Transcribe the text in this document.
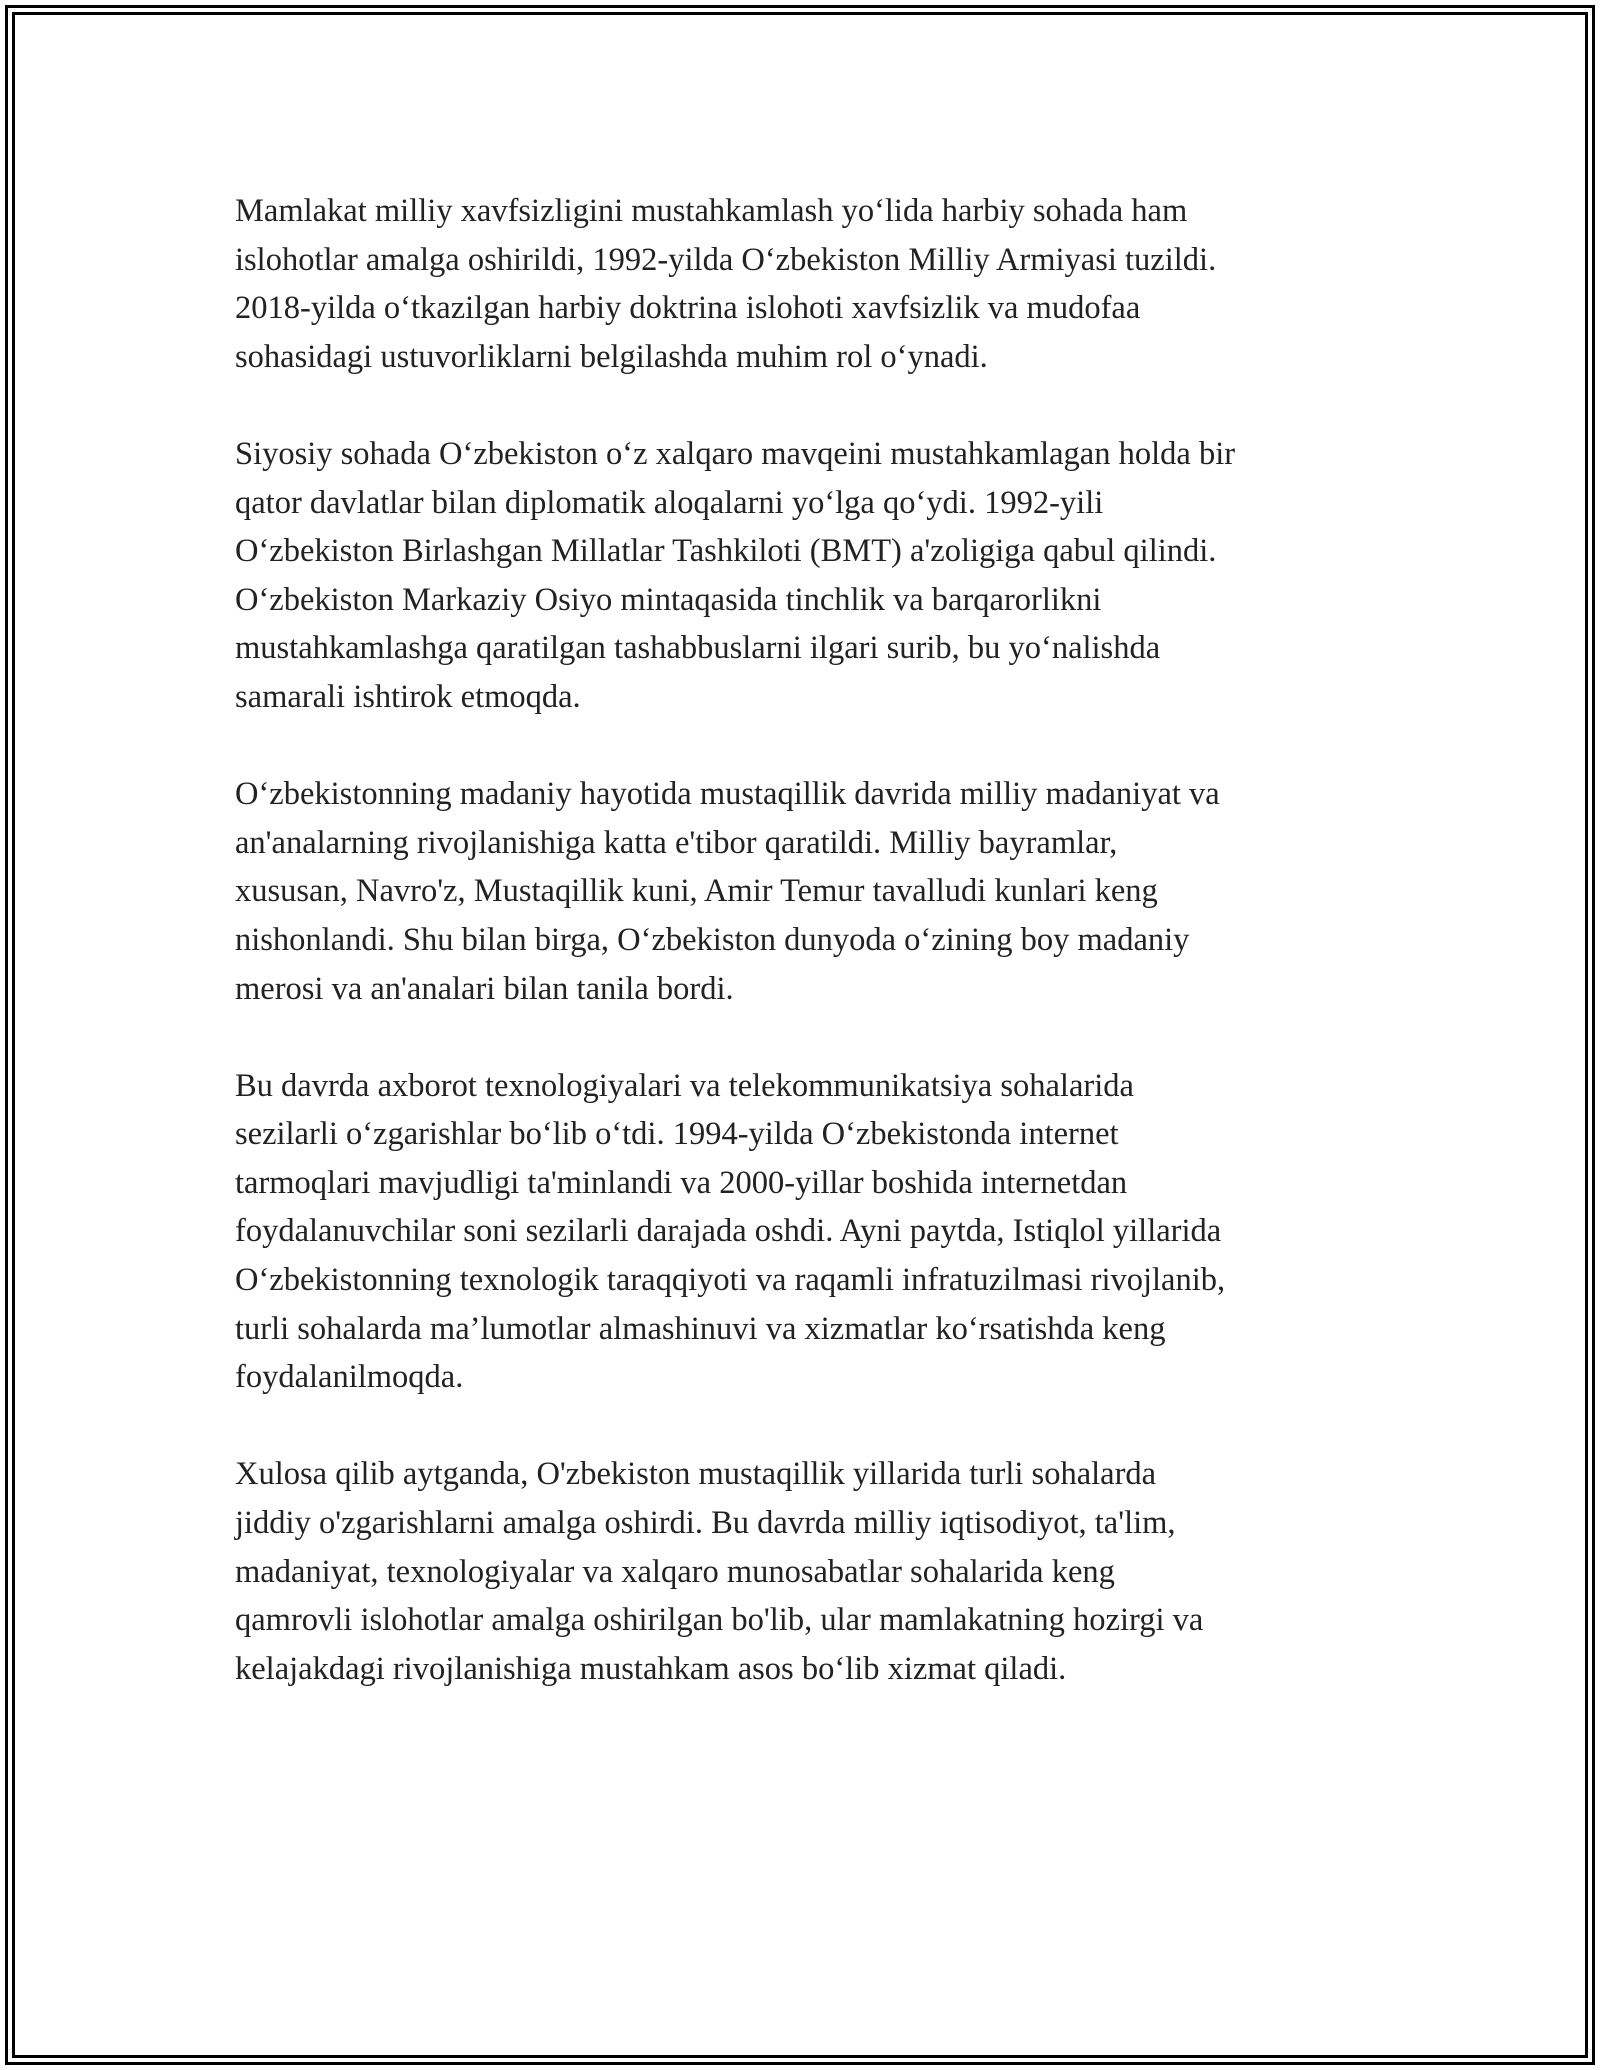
Mamlakat milliy xavfsizligini mustahkamlash yo‘lida harbiy sohada ham
islohotlar amalga oshirildi, 1992-yilda O‘zbekiston Milliy Armiyasi tuzildi.
2018-yilda o‘tkazilgan harbiy doktrina islohoti xavfsizlik va mudofaa
sohasidagi ustuvorliklarni belgilashda muhim rol o‘ynadi.

Siyosiy sohada O‘zbekiston o‘z xalqaro mavqeini mustahkamlagan holda bir
qator davlatlar bilan diplomatik aloqalarni yo‘lga qo‘ydi. 1992-yili
O‘zbekiston Birlashgan Millatlar Tashkiloti (BMT) a'zoligiga qabul qilindi.
O‘zbekiston Markaziy Osiyo mintaqasida tinchlik va barqarorlikni
mustahkamlashga qaratilgan tashabbuslarni ilgari surib, bu yo‘nalishda
samarali ishtirok etmoqda.

O‘zbekistonning madaniy hayotida mustaqillik davrida milliy madaniyat va
an'analarning rivojlanishiga katta e'tibor qaratildi. Milliy bayramlar,
xususan, Navro'z, Mustaqillik kuni, Amir Temur tavalludi kunlari keng
nishonlandi. Shu bilan birga, O‘zbekiston dunyoda o‘zining boy madaniy
merosi va an'analari bilan tanila bordi.

Bu davrda axborot texnologiyalari va telekommunikatsiya sohalarida
sezilarli o‘zgarishlar bo‘lib o‘tdi. 1994-yilda O‘zbekistonda internet
tarmoqlari mavjudligi ta'minlandi va 2000-yillar boshida internetdan
foydalanuvchilar soni sezilarli darajada oshdi. Ayni paytda, Istiqlol yillarida
O‘zbekistonning texnologik taraqqiyoti va raqamli infratuzilmasi rivojlanib,
turli sohalarda ma’lumotlar almashinuvi va xizmatlar ko‘rsatishda keng
foydalanilmoqda.

Xulosa qilib aytganda, O'zbekiston mustaqillik yillarida turli sohalarda
jiddiy o'zgarishlarni amalga oshirdi. Bu davrda milliy iqtisodiyot, ta'lim,
madaniyat, texnologiyalar va xalqaro munosabatlar sohalarida keng
qamrovli islohotlar amalga oshirilgan bo'lib, ular mamlakatning hozirgi va
kelajakdagi rivojlanishiga mustahkam asos bo‘lib xizmat qiladi.
